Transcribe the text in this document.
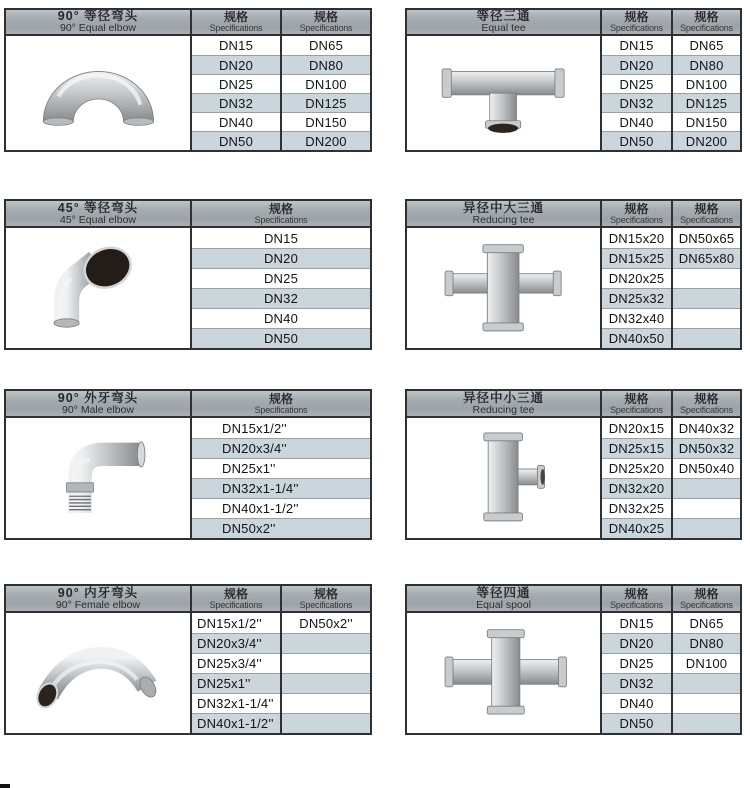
90° 等径弯头
90° Equal elbow
规格
Specifications
规格
Specifications
DN15
DN20
DN25
DN32
DN40
DN50
DN65
DN80
DN100
DN125
DN150
DN200
等径三通
Equal tee
规格
Specifications
规格
Specifications
DN15
DN20
DN25
DN32
DN40
DN50
DN65
DN80
DN100
DN125
DN150
DN200
45° 等径弯头
45° Equal elbow
规格
Specifications
DN15
DN20
DN25
DN32
DN40
DN50
异径中大三通
Reducing tee
规格
Specifications
规格
Specifications
DN15x20
DN15x25
DN20x25
DN25x32
DN32x40
DN40x50
DN50x65
DN65x80
90° 外牙弯头
90° Male elbow
规格
Specifications
DN15x1/2''
DN20x3/4''
DN25x1''
DN32x1-1/4''
DN40x1-1/2''
DN50x2''
异径中小三通
Reducing tee
规格
Specifications
规格
Specifications
DN20x15
DN25x15
DN25x20
DN32x20
DN32x25
DN40x25
DN40x32
DN50x32
DN50x40
90° 内牙弯头
90° Female elbow
规格
Specifications
规格
Specifications
DN15x1/2''
DN20x3/4''
DN25x3/4''
DN25x1''
DN32x1-1/4''
DN40x1-1/2''
DN50x2''
等径四通
Equal spool
规格
Specifications
规格
Specifications
DN15
DN20
DN25
DN32
DN40
DN50
DN65
DN80
DN100
